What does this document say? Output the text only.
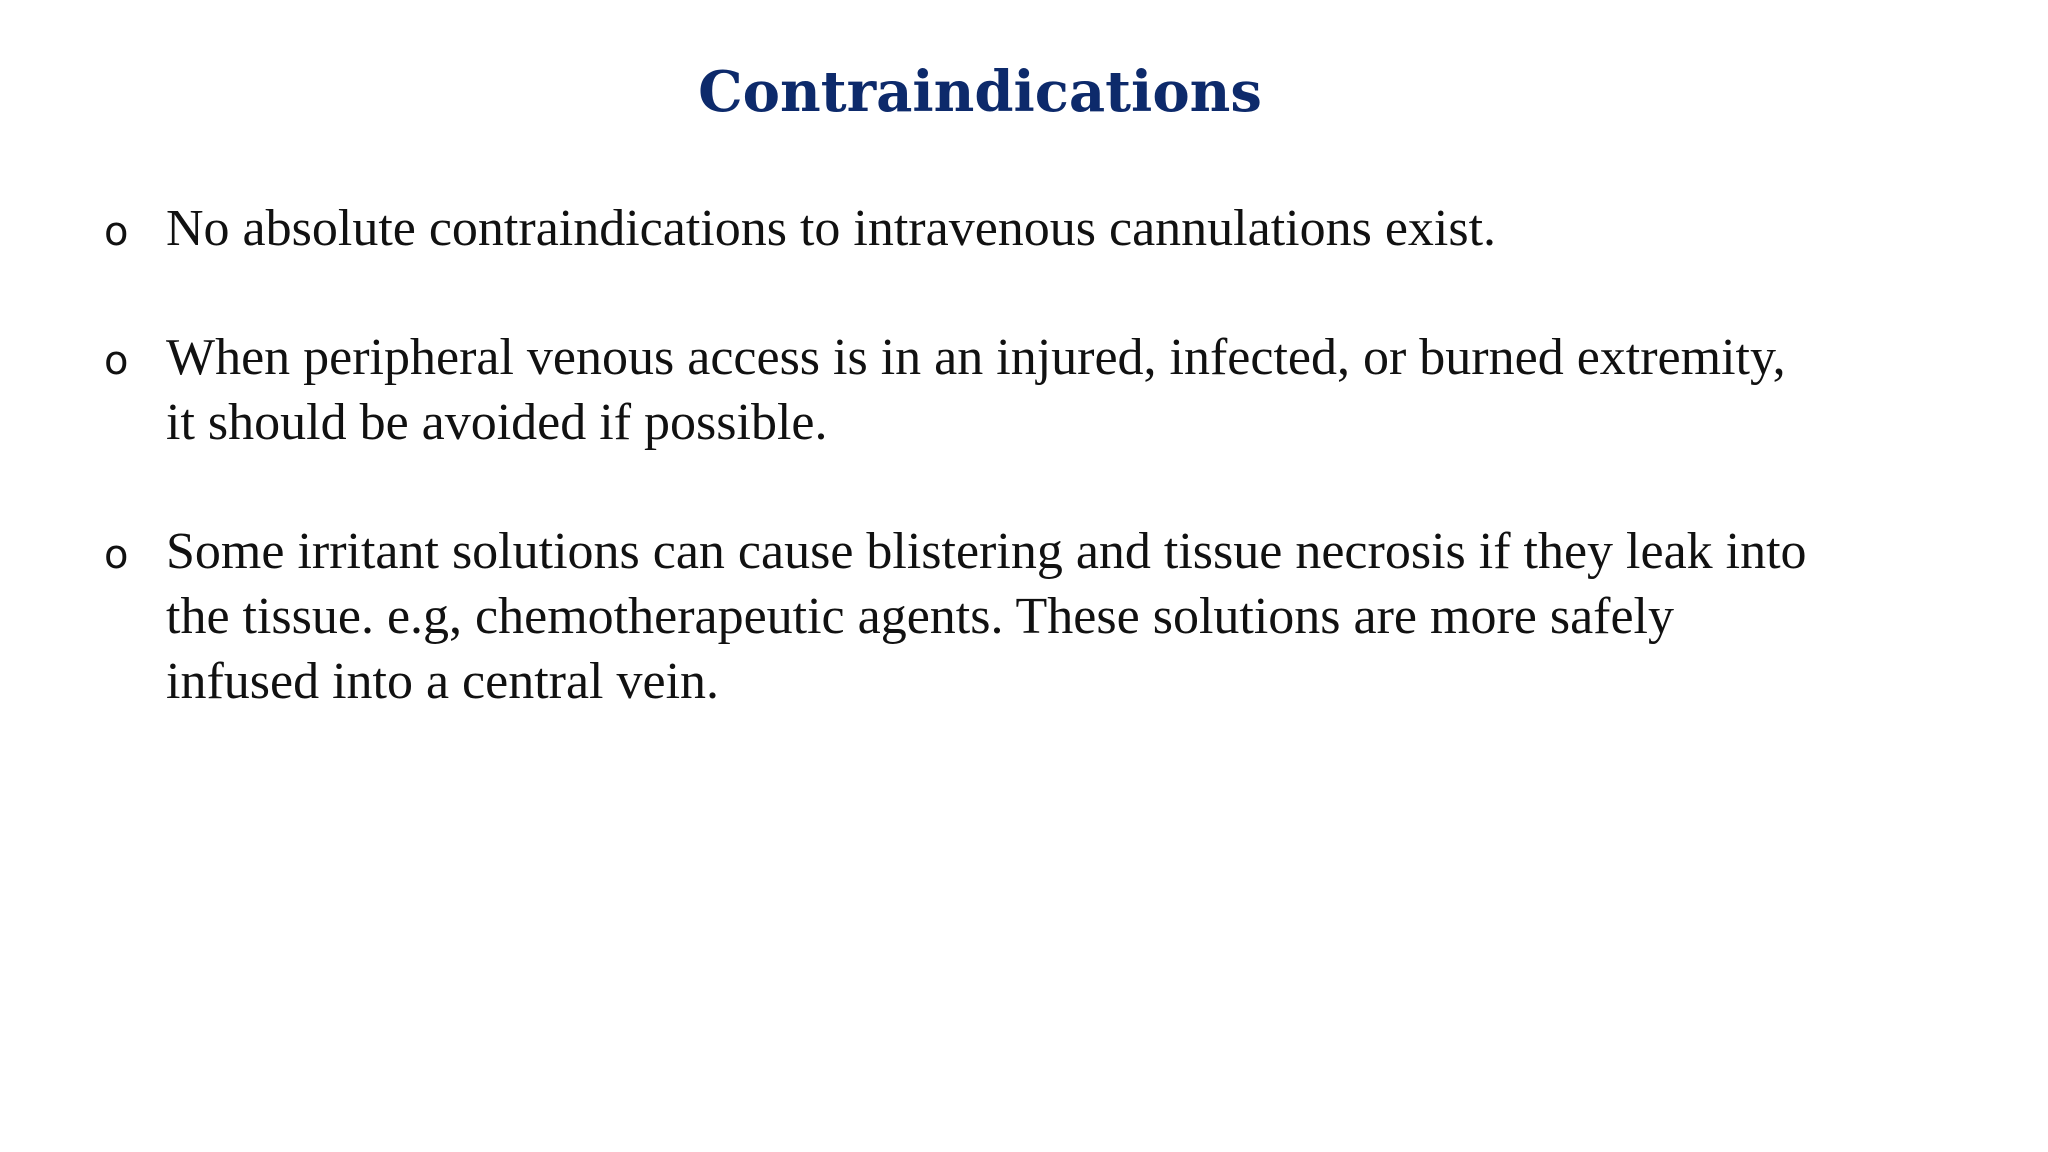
Contraindications
o No absolute contraindications to intravenous cannulations exist.
o When peripheral venous access is in an injured, infected, or burned extremity, it should be avoided if possible.
o Some irritant solutions can cause blistering and tissue necrosis if they leak into the tissue. e.g, chemotherapeutic agents. These solutions are more safely infused into a central vein.
